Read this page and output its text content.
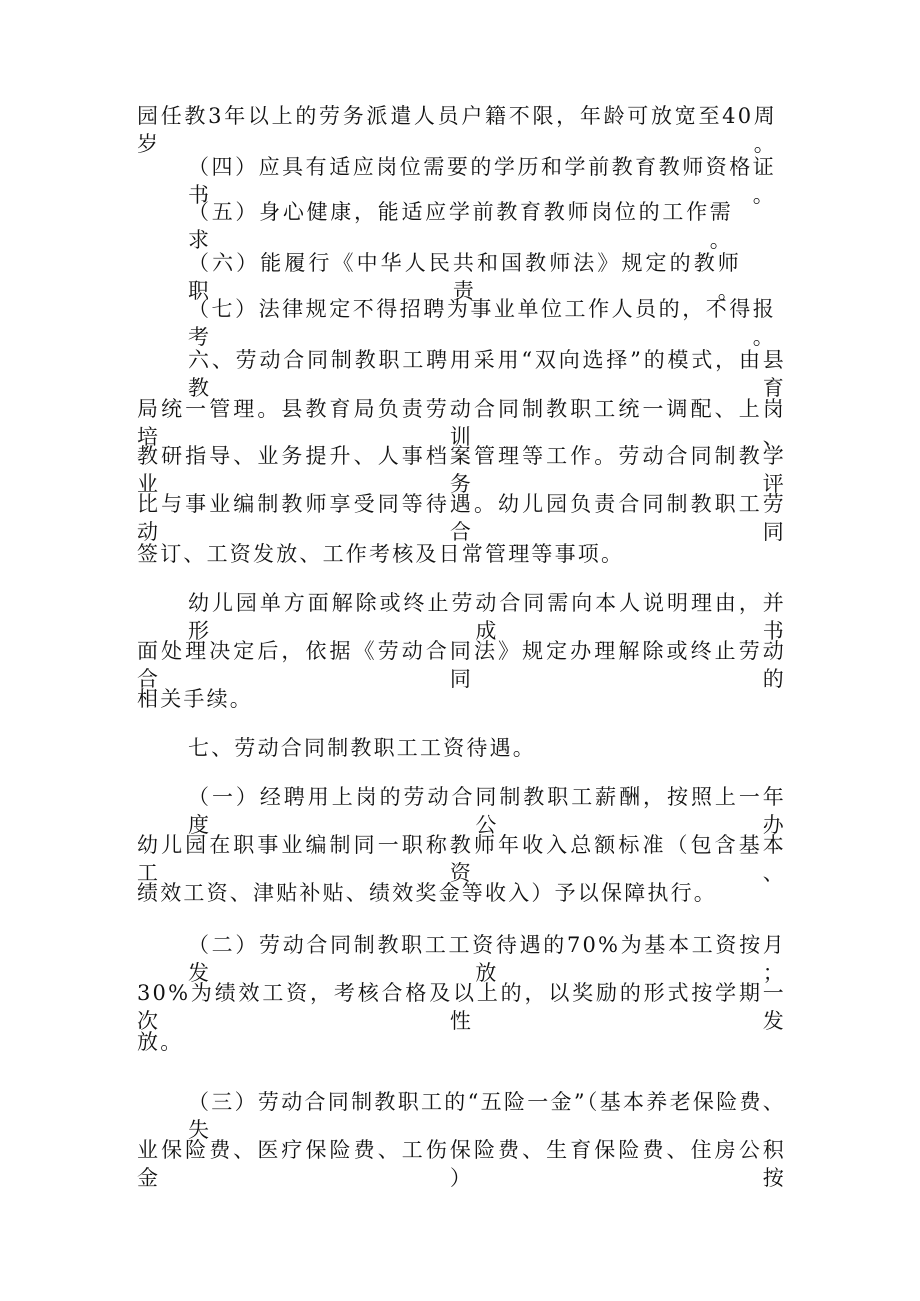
园任教3年以上的劳务派遣人员户籍不限，年龄可放宽至40周岁。
（四）应具有适应岗位需要的学历和学前教育教师资格证书。
（五）身心健康，能适应学前教育教师岗位的工作需求。
（六）能履行《中华人民共和国教师法》规定的教师职责。
（七）法律规定不得招聘为事业单位工作人员的，不得报考。
六、劳动合同制教职工聘用采用“双向选择”的模式，由县教育
局统一管理。县教育局负责劳动合同制教职工统一调配、上岗培训、
教研指导、业务提升、人事档案管理等工作。劳动合同制教学业务评
比与事业编制教师享受同等待遇。幼儿园负责合同制教职工劳动合同
签订、工资发放、工作考核及日常管理等事项。
幼儿园单方面解除或终止劳动合同需向本人说明理由，并形成书
面处理决定后，依据《劳动合同法》规定办理解除或终止劳动合同的
相关手续。
七、劳动合同制教职工工资待遇。
（一）经聘用上岗的劳动合同制教职工薪酬，按照上一年度公办
幼儿园在职事业编制同一职称教师年收入总额标准（包含基本工资、
绩效工资、津贴补贴、绩效奖金等收入）予以保障执行。
（二）劳动合同制教职工工资待遇的70%为基本工资按月发放；
30%为绩效工资，考核合格及以上的，以奖励的形式按学期一次性发
放。
（三）劳动合同制教职工的“五险一金”（基本养老保险费、失
业保险费、医疗保险费、工伤保险费、生育保险费、住房公积金）按
